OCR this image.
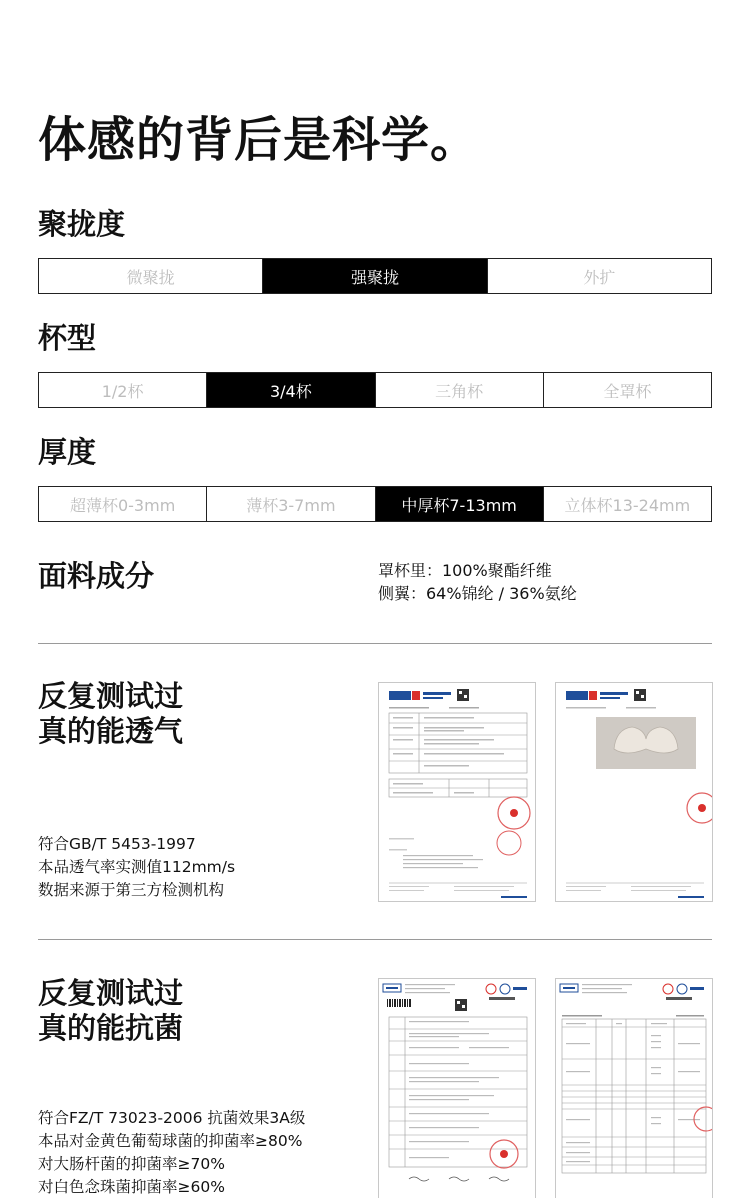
体感的背后是科学。
聚拢度
微聚拢	强聚拢	外扩
杯型
1/2杯	3/4杯	三角杯	全罩杯
厚度
超薄杯0-3mm	薄杯3-7mm	中厚杯7-13mm	立体杯13-24mm
面料成分	罩杯里：100%聚酯纤维
侧翼：64%锦纶 / 36%氨纶
反复测试过
真的能透气
符合GB/T 5453-1997
本品透气率实测值112mm/s
数据来源于第三方检测机构
反复测试过
真的能抗菌
符合FZ/T 73023-2006 抗菌效果3A级
本品对金黄色葡萄球菌的抑菌率≥80%
对大肠杆菌的抑菌率≥70%
对白色念珠菌抑菌率≥60%
